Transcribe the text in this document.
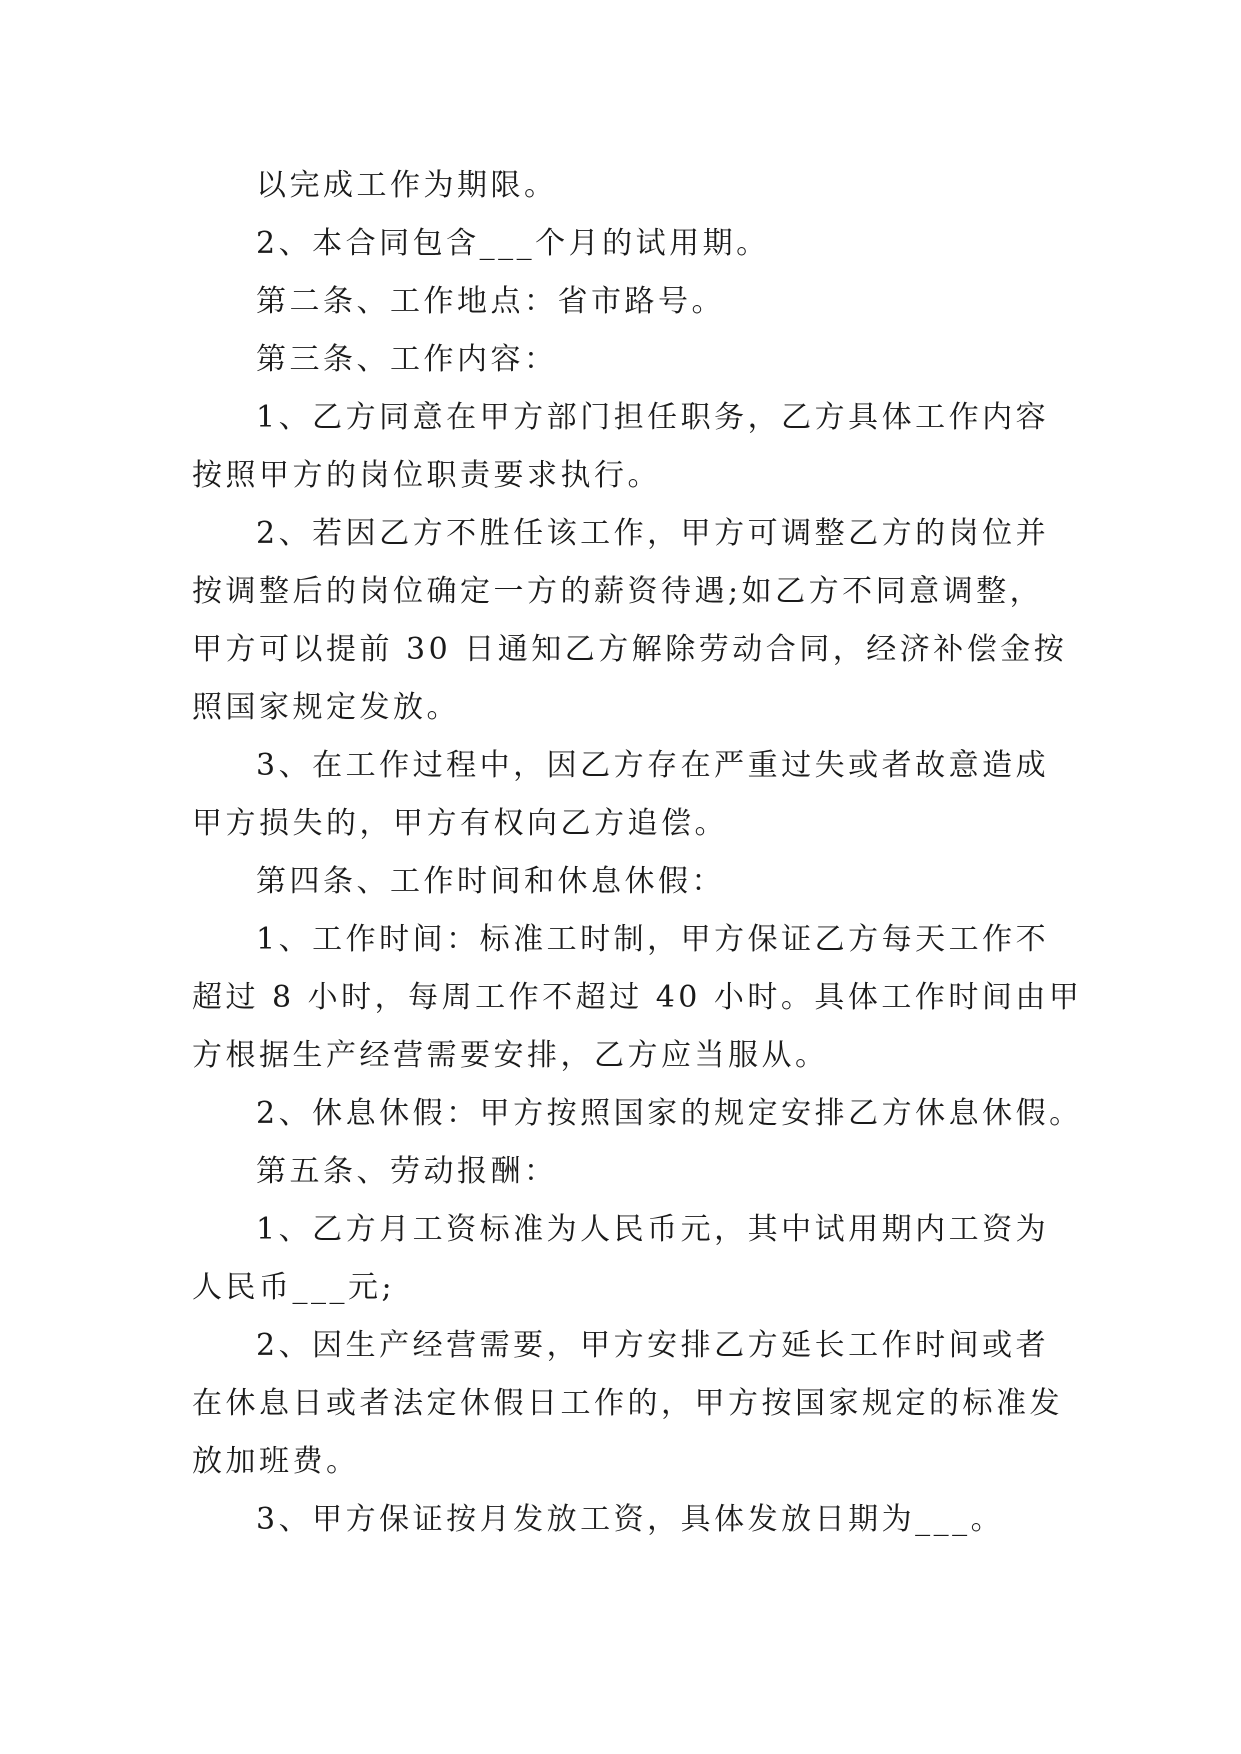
以完成工作为期限。
2、本合同包含___个月的试用期。
第二条、工作地点：省市路号。
第三条、工作内容：
1、乙方同意在甲方部门担任职务，乙方具体工作内容
按照甲方的岗位职责要求执行。
2、若因乙方不胜任该工作，甲方可调整乙方的岗位并
按调整后的岗位确定一方的薪资待遇;如乙方不同意调整，
甲方可以提前 30 日通知乙方解除劳动合同，经济补偿金按
照国家规定发放。
3、在工作过程中，因乙方存在严重过失或者故意造成
甲方损失的，甲方有权向乙方追偿。
第四条、工作时间和休息休假：
1、工作时间：标准工时制，甲方保证乙方每天工作不
超过 8 小时，每周工作不超过 40 小时。具体工作时间由甲
方根据生产经营需要安排，乙方应当服从。
2、休息休假：甲方按照国家的规定安排乙方休息休假。
第五条、劳动报酬：
1、乙方月工资标准为人民币元，其中试用期内工资为
人民币___元;
2、因生产经营需要，甲方安排乙方延长工作时间或者
在休息日或者法定休假日工作的，甲方按国家规定的标准发
放加班费。
3、甲方保证按月发放工资，具体发放日期为___。
